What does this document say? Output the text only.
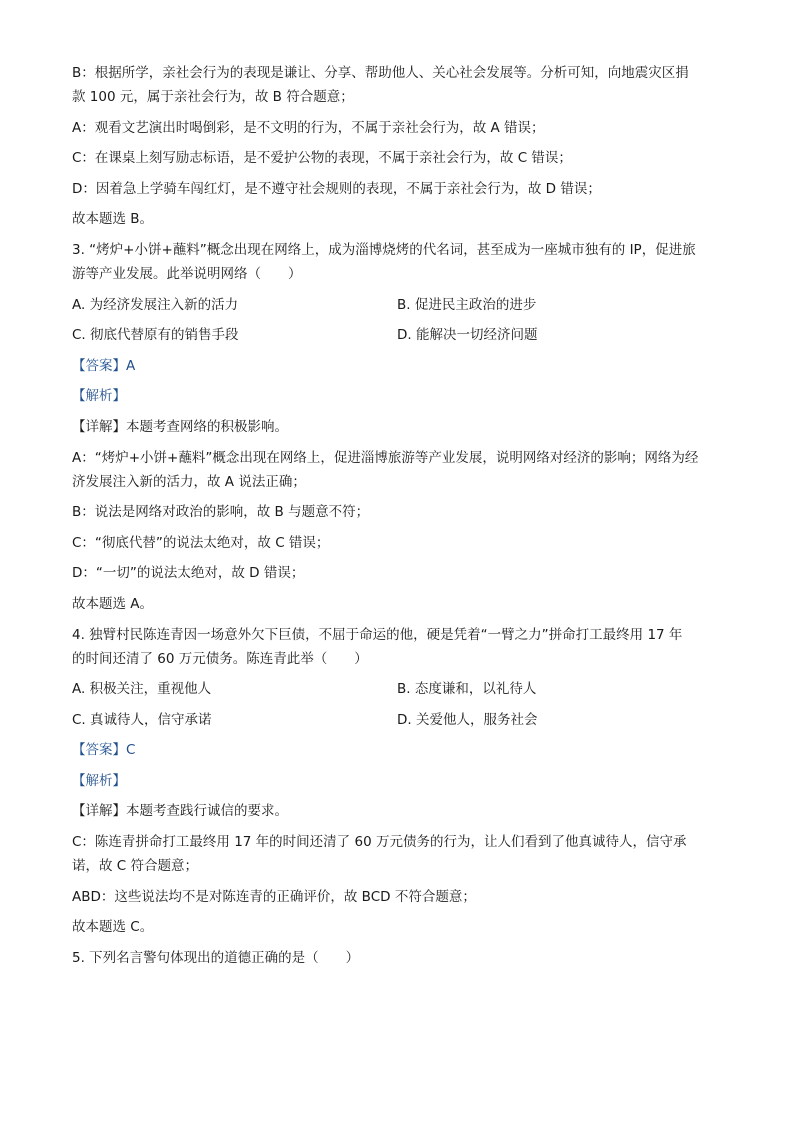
B：根据所学，亲社会行为的表现是谦让、分享、帮助他人、关心社会发展等。分析可知，向地震灾区捐
款 100 元，属于亲社会行为，故 B 符合题意；
A：观看文艺演出时喝倒彩，是不文明的行为，不属于亲社会行为，故 A 错误；
C：在课桌上刻写励志标语，是不爱护公物的表现，不属于亲社会行为，故 C 错误；
D：因着急上学骑车闯红灯，是不遵守社会规则的表现，不属于亲社会行为，故 D 错误；
故本题选 B。
3. “烤炉+小饼+蘸料”概念出现在网络上，成为淄博烧烤的代名词，甚至成为一座城市独有的 IP，促进旅
游等产业发展。此举说明网络（　　）
A. 为经济发展注入新的活力	B. 促进民主政治的进步
C. 彻底代替原有的销售手段	D. 能解决一切经济问题
【答案】A
【解析】
【详解】本题考查网络的积极影响。
A：“烤炉+小饼+蘸料”概念出现在网络上，促进淄博旅游等产业发展，说明网络对经济的影响；网络为经
济发展注入新的活力，故 A 说法正确；
B：说法是网络对政治的影响，故 B 与题意不符；
C：“彻底代替”的说法太绝对，故 C 错误；
D：“一切”的说法太绝对，故 D 错误；
故本题选 A。
4. 独臂村民陈连青因一场意外欠下巨债，不屈于命运的他，硬是凭着“一臂之力”拼命打工最终用 17 年
的时间还清了 60 万元债务。陈连青此举（　　）
A. 积极关注，重视他人	B. 态度谦和，以礼待人
C. 真诚待人，信守承诺	D. 关爱他人，服务社会
【答案】C
【解析】
【详解】本题考查践行诚信的要求。
C：陈连青拼命打工最终用 17 年的时间还清了 60 万元债务的行为，让人们看到了他真诚待人，信守承
诺，故 C 符合题意；
ABD：这些说法均不是对陈连青的正确评价，故 BCD 不符合题意；
故本题选 C。
5. 下列名言警句体现出的道德正确的是（　　）
